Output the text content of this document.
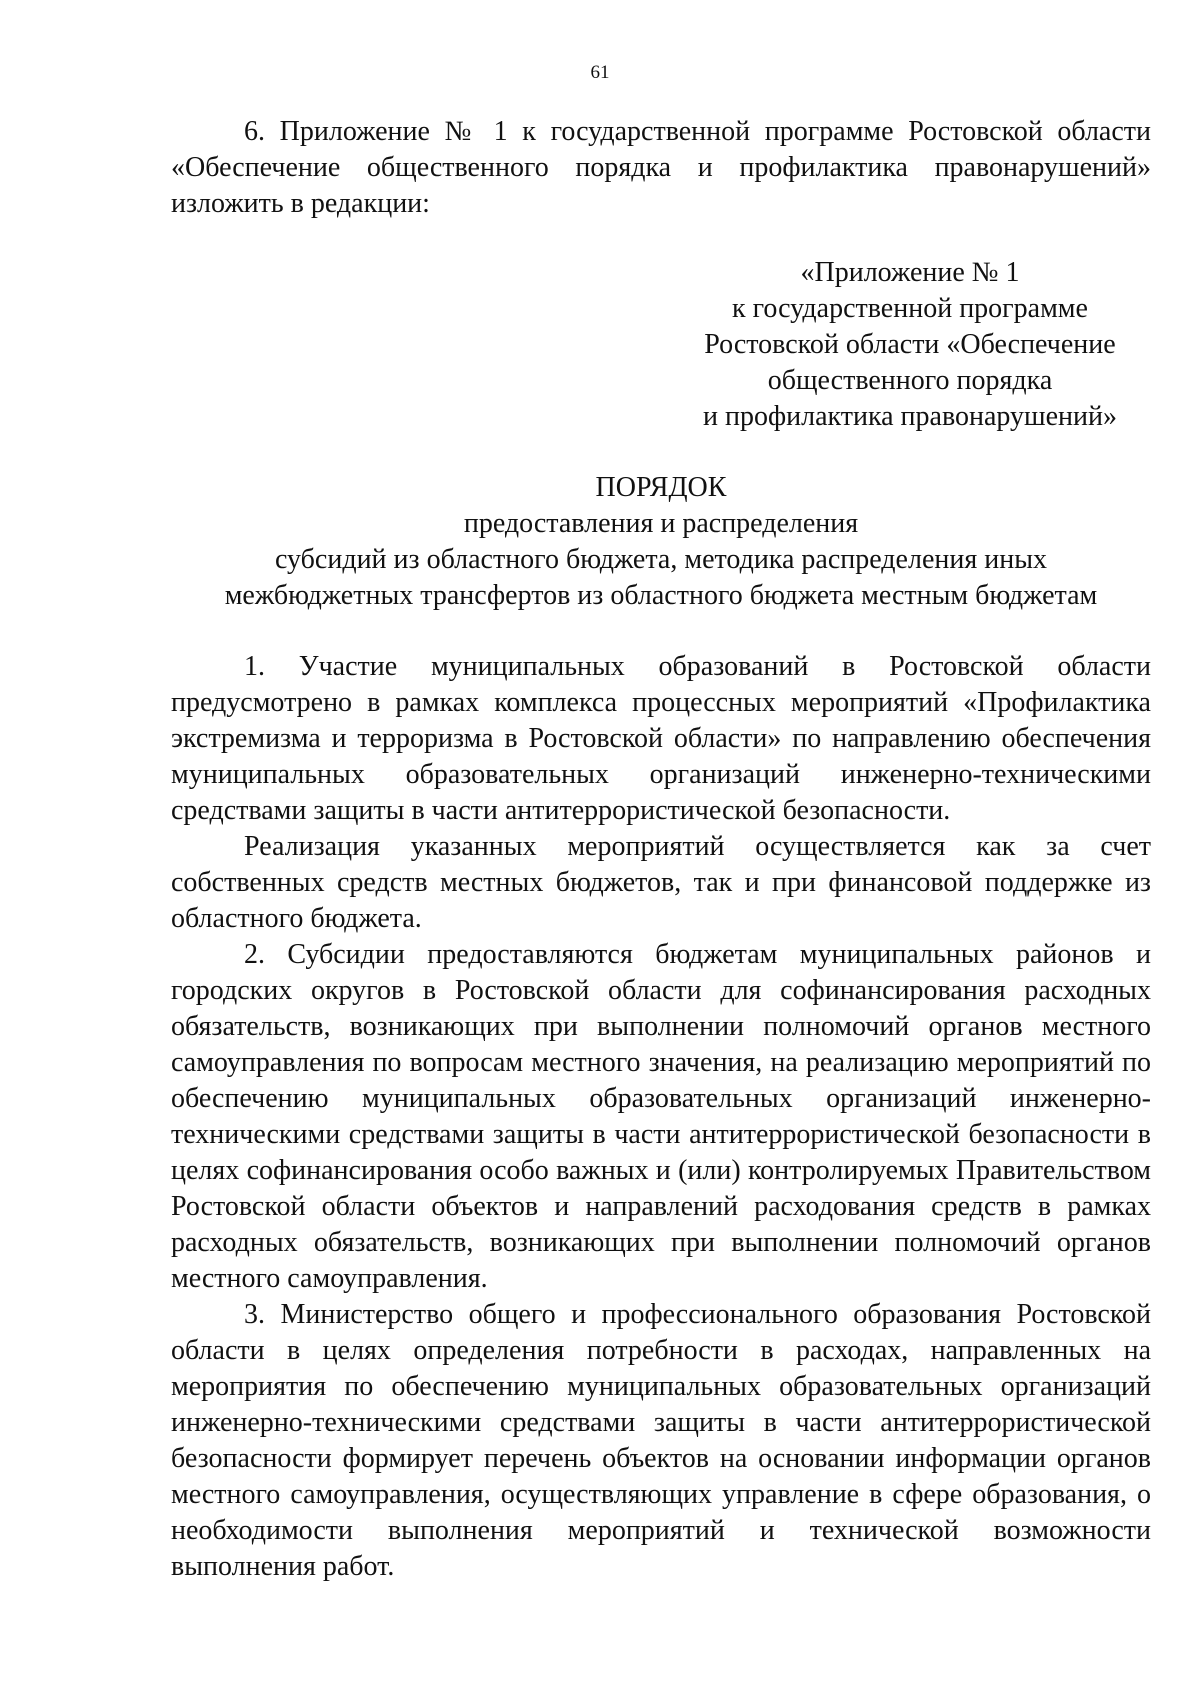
61

6. Приложение № 1 к государственной программе Ростовской области «Обеспечение общественного порядка и профилактика правонарушений» изложить в редакции:

«Приложение № 1
к государственной программе
Ростовской области «Обеспечение
общественного порядка
и профилактика правонарушений»
ПОРЯДОК
предоставления и распределения
субсидий из областного бюджета, методика распределения иных
межбюджетных трансфертов из областного бюджета местным бюджетам

1. Участие муниципальных образований в Ростовской области предусмотрено в рамках комплекса процессных мероприятий «Профилактика экстремизма и терроризма в Ростовской области» по направлению обеспечения муниципальных образовательных организаций инженерно-техническими средствами защиты в части антитеррористической безопасности.

Реализация указанных мероприятий осуществляется как за счет собственных средств местных бюджетов, так и при финансовой поддержке из областного бюджета.

2. Субсидии предоставляются бюджетам муниципальных районов и городских округов в Ростовской области для софинансирования расходных обязательств, возникающих при выполнении полномочий органов местного самоуправления по вопросам местного значения, на реализацию мероприятий по обеспечению муниципальных образовательных организаций инженерно-техническими средствами защиты в части антитеррористической безопасности в целях софинансирования особо важных и (или) контролируемых Правительством Ростовской области объектов и направлений расходования средств в рамках расходных обязательств, возникающих при выполнении полномочий органов местного самоуправления.

3. Министерство общего и профессионального образования Ростовской области в целях определения потребности в расходах, направленных на мероприятия по обеспечению муниципальных образовательных организаций инженерно-техническими средствами защиты в части антитеррористической безопасности формирует перечень объектов на основании информации органов местного самоуправления, осуществляющих управление в сфере образования, о необходимости выполнения мероприятий и технической возможности выполнения работ.
